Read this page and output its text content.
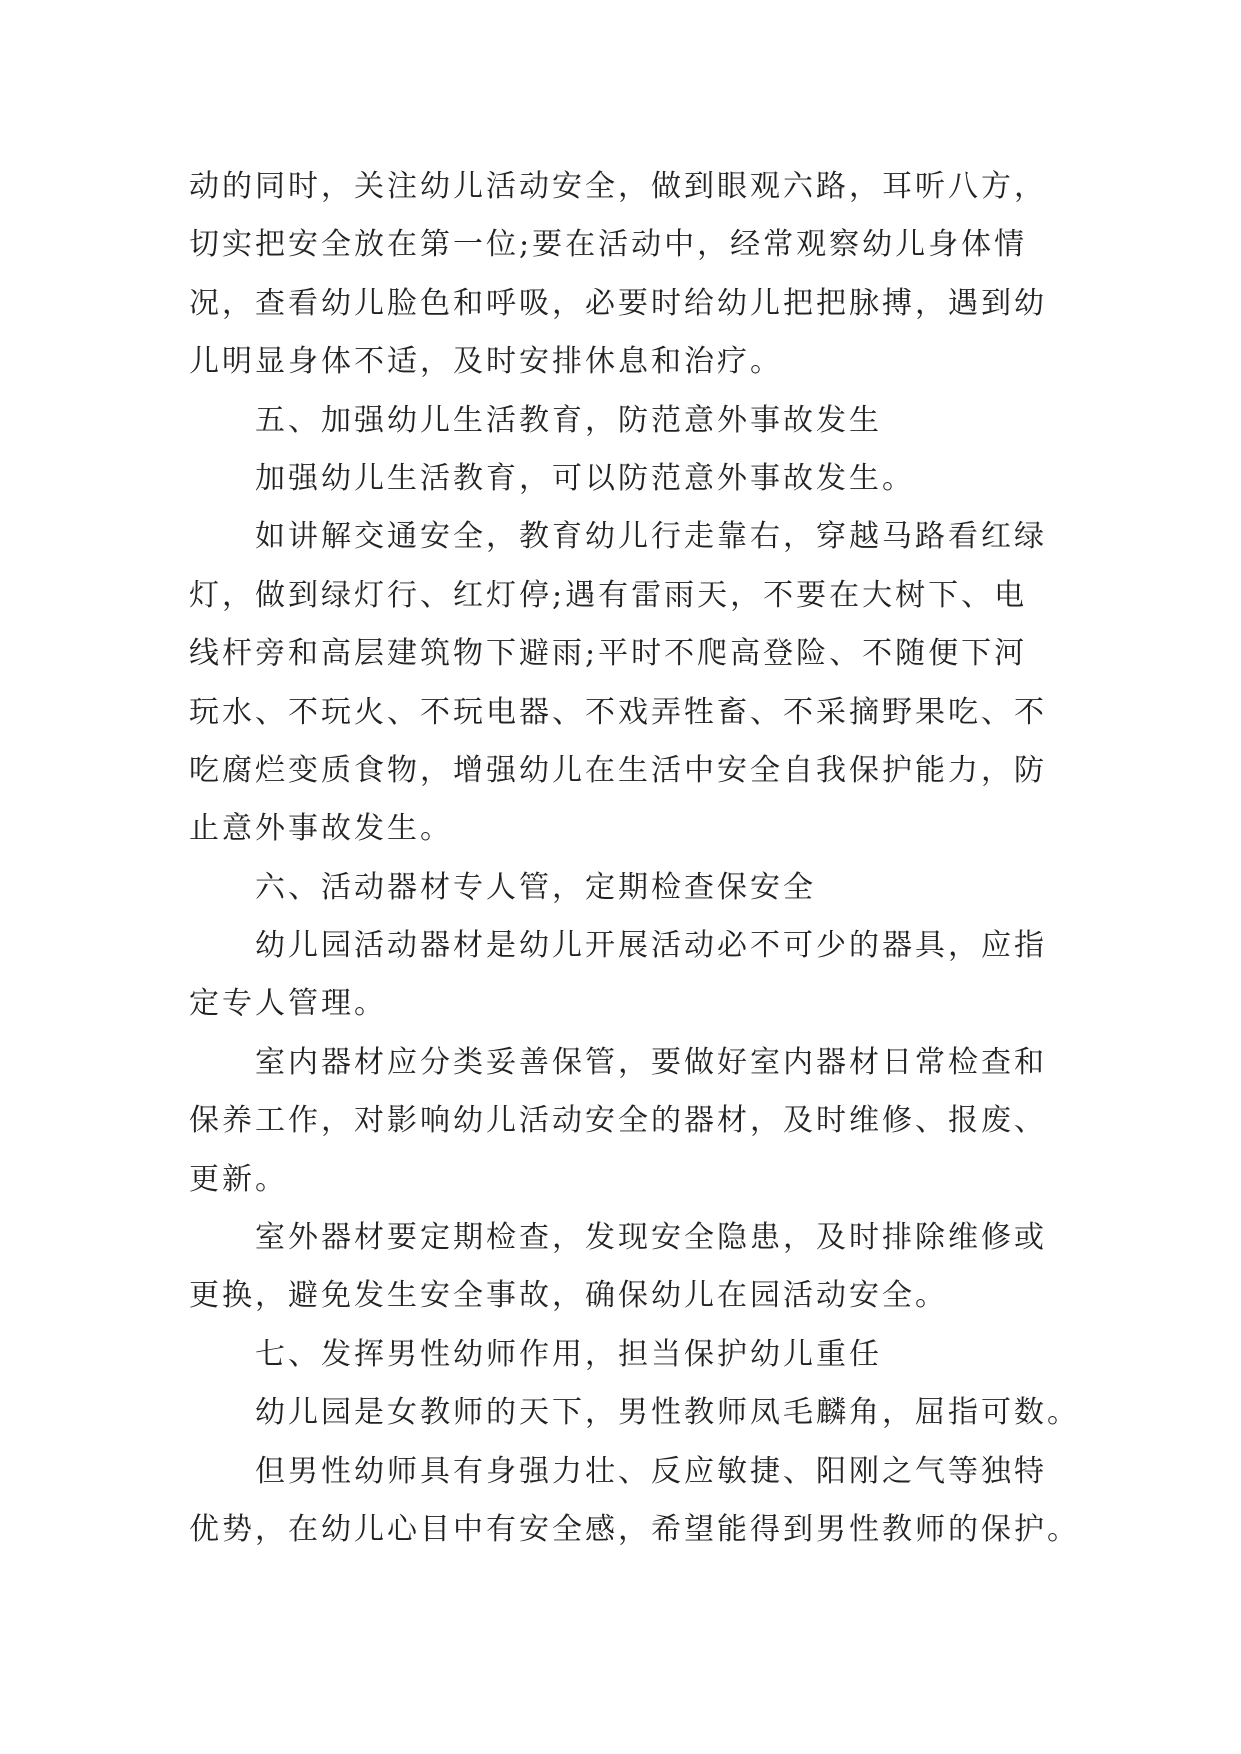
动的同时，关注幼儿活动安全，做到眼观六路，耳听八方，

切实把安全放在第一位;要在活动中，经常观察幼儿身体情

况，查看幼儿脸色和呼吸，必要时给幼儿把把脉搏，遇到幼

儿明显身体不适，及时安排休息和治疗。

五、加强幼儿生活教育，防范意外事故发生

加强幼儿生活教育，可以防范意外事故发生。

如讲解交通安全，教育幼儿行走靠右，穿越马路看红绿

灯，做到绿灯行、红灯停;遇有雷雨天，不要在大树下、电

线杆旁和高层建筑物下避雨;平时不爬高登险、不随便下河

玩水、不玩火、不玩电器、不戏弄牲畜、不采摘野果吃、不

吃腐烂变质食物，增强幼儿在生活中安全自我保护能力，防

止意外事故发生。

六、活动器材专人管，定期检查保安全

幼儿园活动器材是幼儿开展活动必不可少的器具，应指

定专人管理。

室内器材应分类妥善保管，要做好室内器材日常检查和

保养工作，对影响幼儿活动安全的器材，及时维修、报废、

更新。

室外器材要定期检查，发现安全隐患，及时排除维修或

更换，避免发生安全事故，确保幼儿在园活动安全。

七、发挥男性幼师作用，担当保护幼儿重任

幼儿园是女教师的天下，男性教师凤毛麟角，屈指可数。

但男性幼师具有身强力壮、反应敏捷、阳刚之气等独特

优势，在幼儿心目中有安全感，希望能得到男性教师的保护。
